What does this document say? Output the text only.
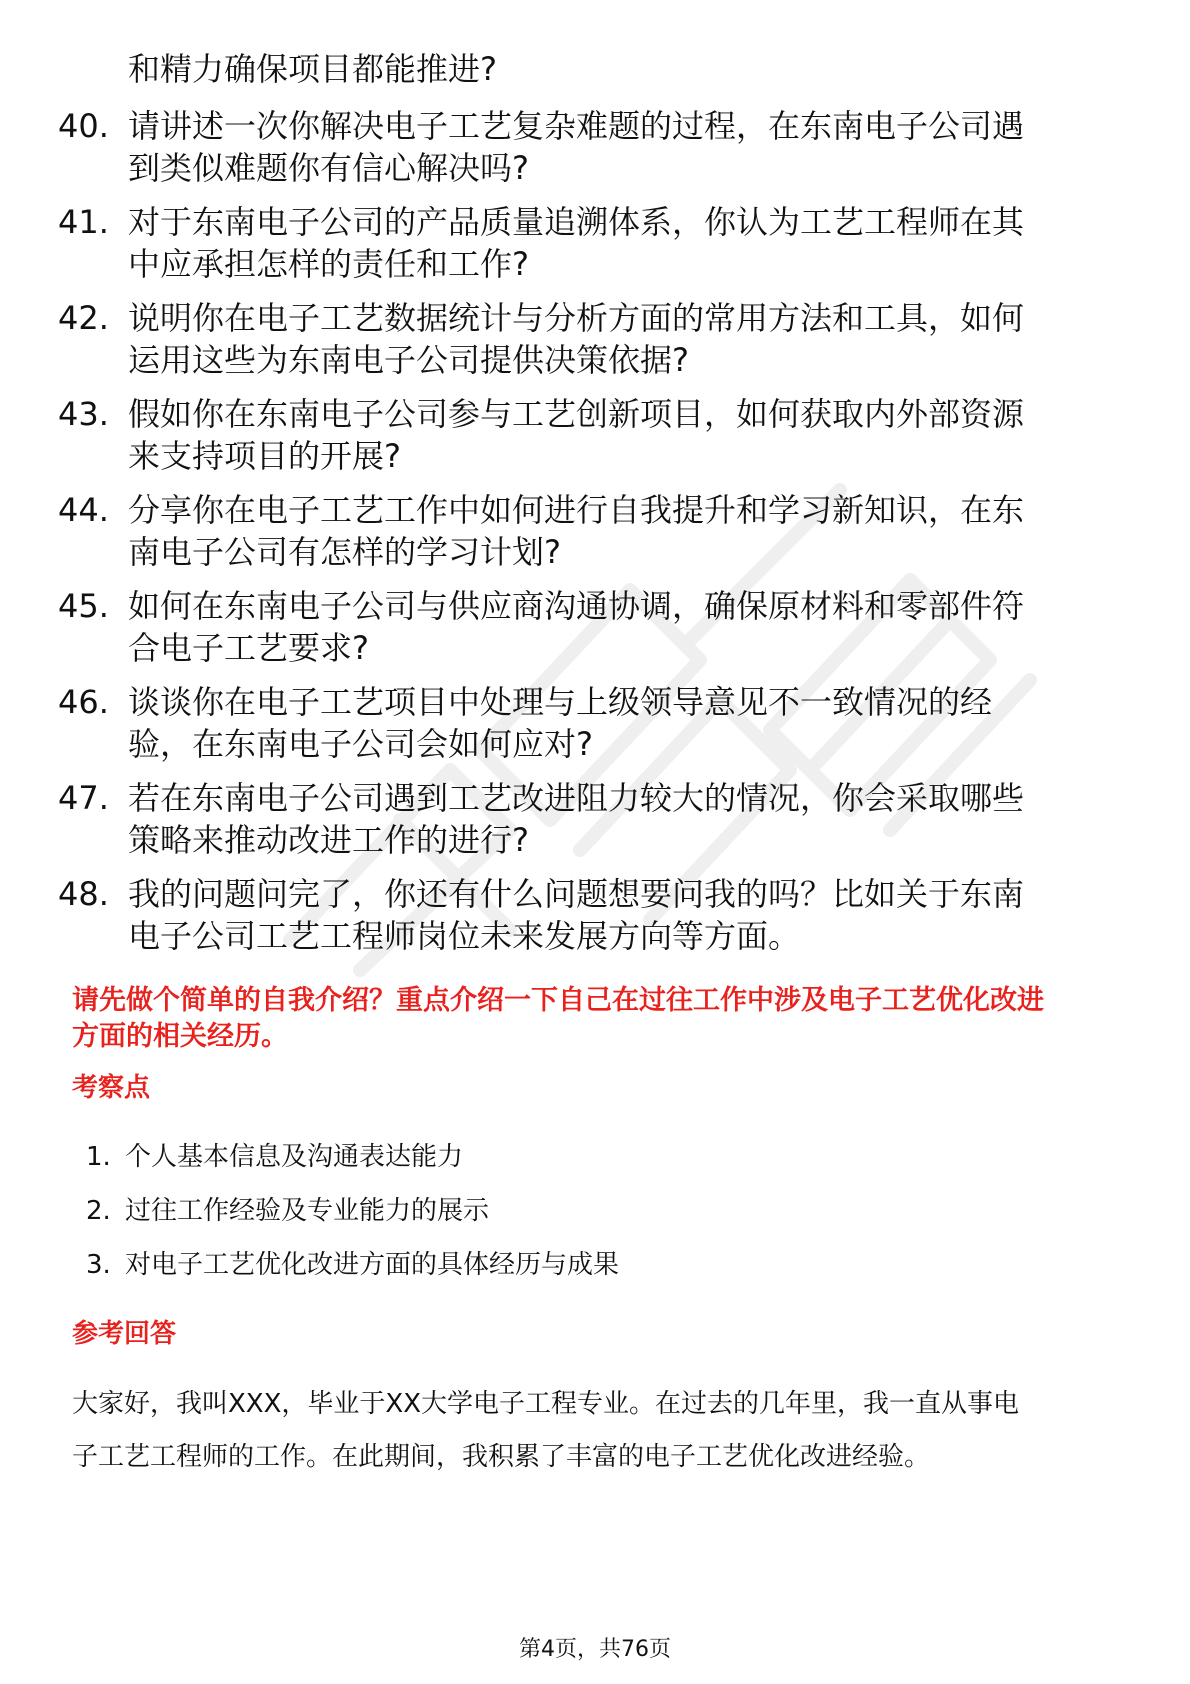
和精力确保项目都能推进?
40. 请讲述一次你解决电子工艺复杂难题的过程，在东南电子公司遇
到类似难题你有信心解决吗?
41. 对于东南电子公司的产品质量追溯体系，你认为工艺工程师在其
中应承担怎样的责任和工作?
42. 说明你在电子工艺数据统计与分析方面的常用方法和工具，如何
运用这些为东南电子公司提供决策依据?
43. 假如你在东南电子公司参与工艺创新项目，如何获取内外部资源
来支持项目的开展?
44. 分享你在电子工艺工作中如何进行自我提升和学习新知识，在东
南电子公司有怎样的学习计划?
45. 如何在东南电子公司与供应商沟通协调，确保原材料和零部件符
合电子工艺要求?
46. 谈谈你在电子工艺项目中处理与上级领导意见不一致情况的经
验，在东南电子公司会如何应对?
47. 若在东南电子公司遇到工艺改进阻力较大的情况，你会采取哪些
策略来推动改进工作的进行?
48. 我的问题问完了，你还有什么问题想要问我的吗？比如关于东南
电子公司工艺工程师岗位未来发展方向等方面。
请先做个简单的自我介绍？重点介绍一下自己在过往工作中涉及电子工艺优化改进
方面的相关经历。
考察点
1. 个人基本信息及沟通表达能力
2. 过往工作经验及专业能力的展示
3. 对电子工艺优化改进方面的具体经历与成果
参考回答
大家好，我叫XXX，毕业于XX大学电子工程专业。在过去的几年里，我一直从事电
子工艺工程师的工作。在此期间，我积累了丰富的电子工艺优化改进经验。
第4页，共76页
